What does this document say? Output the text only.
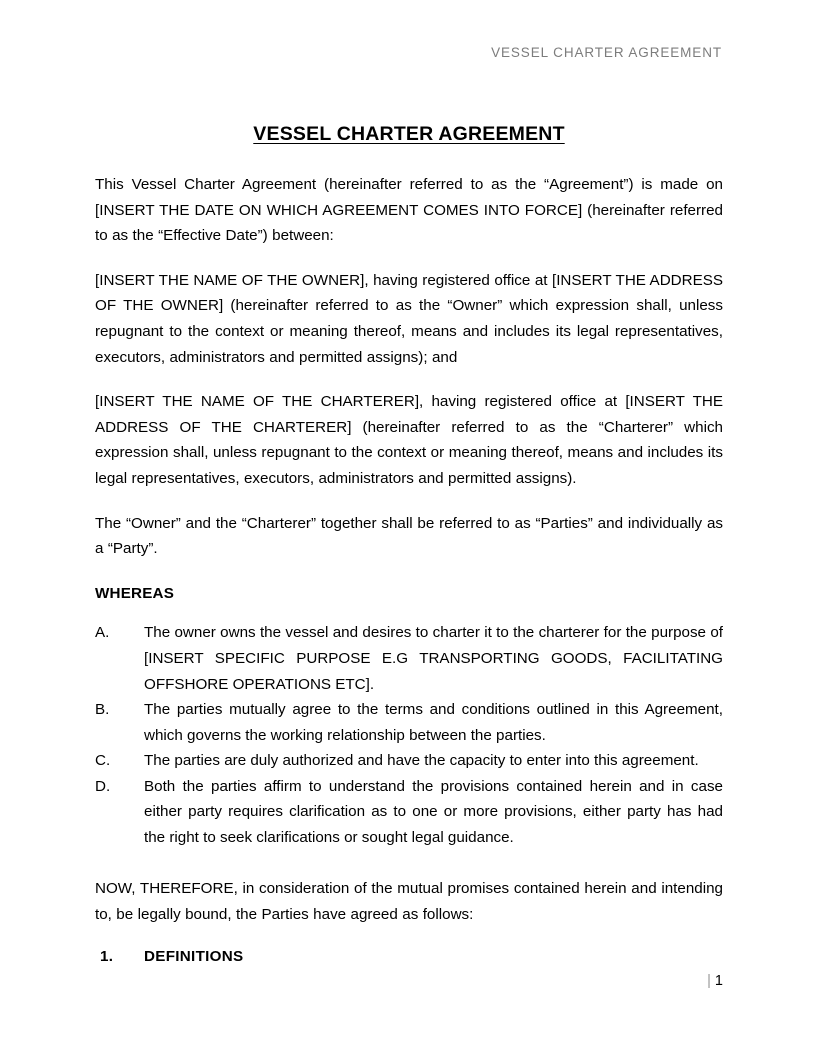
VESSEL CHARTER AGREEMENT
VESSEL CHARTER AGREEMENT

This Vessel Charter Agreement (hereinafter referred to as the “Agreement”) is made on [INSERT THE DATE ON WHICH AGREEMENT COMES INTO FORCE] (hereinafter referred to as the “Effective Date”) between:

[INSERT THE NAME OF THE OWNER], having registered office at [INSERT THE ADDRESS OF THE OWNER] (hereinafter referred to as the “Owner” which expression shall, unless repugnant to the context or meaning thereof, means and includes its legal representatives, executors, administrators and permitted assigns); and

[INSERT THE NAME OF THE CHARTERER], having registered office at [INSERT THE ADDRESS OF THE CHARTERER] (hereinafter referred to as the “Charterer” which expression shall, unless repugnant to the context or meaning thereof, means and includes its legal representatives, executors, administrators and permitted assigns).

The “Owner” and the “Charterer” together shall be referred to as “Parties” and individually as a “Party”.

WHEREAS
A.	The owner owns the vessel and desires to charter it to the charterer for the purpose of [INSERT SPECIFIC PURPOSE E.G TRANSPORTING GOODS, FACILITATING OFFSHORE OPERATIONS ETC].
B.	The parties mutually agree to the terms and conditions outlined in this Agreement, which governs the working relationship between the parties.
C.	The parties are duly authorized and have the capacity to enter into this agreement.
D.	Both the parties affirm to understand the provisions contained herein and in case either party requires clarification as to one or more provisions, either party has had the right to seek clarifications or sought legal guidance.

NOW, THEREFORE, in consideration of the mutual promises contained herein and intending to, be legally bound, the Parties have agreed as follows:

1. DEFINITIONS
| 1
